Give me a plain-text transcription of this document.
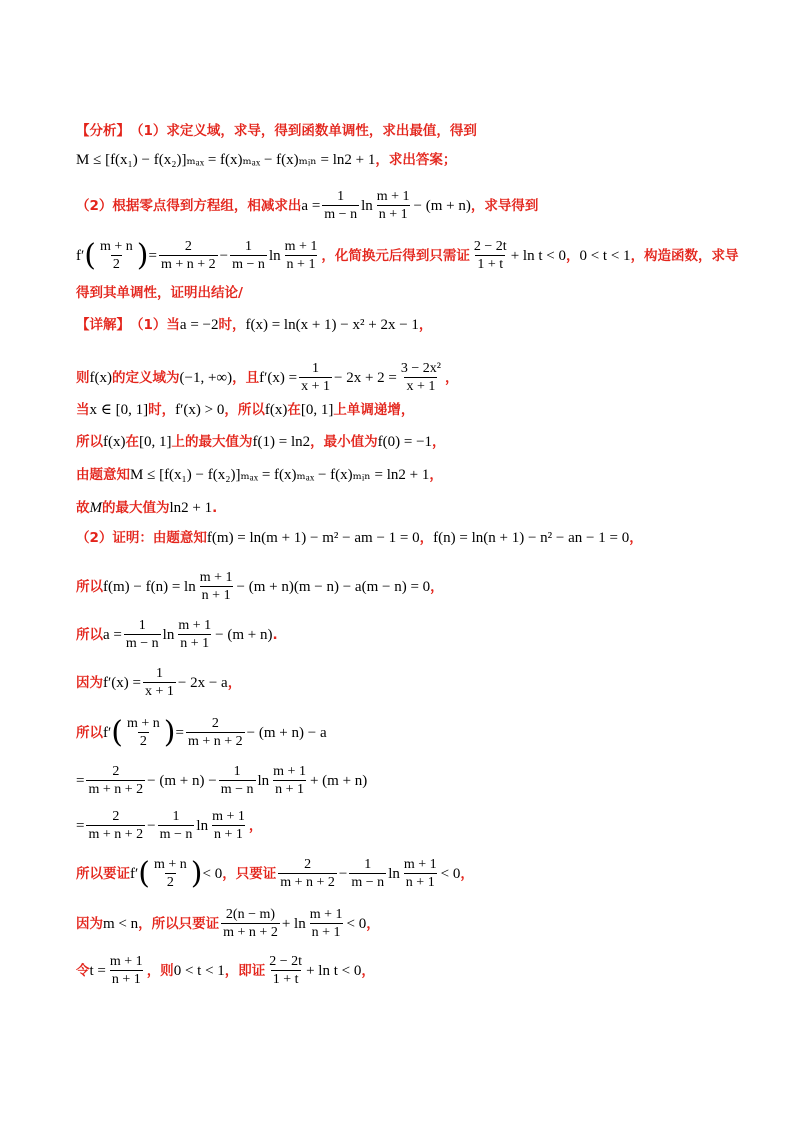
【分析】 （1） 求定义域，求导，得到函数单调性，求出最值，得到
M ≤ [f(x₁) − f(x₂)]ₘₐₓ = f(x)ₘₐₓ − f(x)ₘᵢₙ = ln2 + 1 ，求出答案；
（2） 根据零点得到方程组，相减求出 $a = \frac{1}{m - n}$ $\ln \frac{m + 1}{n + 1} - (m + n)$ ，求导得到
f′ ( $\frac{m + n}{2}$ ) = $\frac{2}{m + n + 2} - \frac{1}{m - n}$ $\ln \frac{m + 1}{n + 1}$ ，化简换元后得到只需证 $\frac{2 - 2t}{1 + t} + \ln t < 0$ ， 0 < t < 1 ，构造函数，求导
得到其单调性，证明出结论/
【详解】 （1） 当 a = −2 时， f(x) = ln(x + 1) − x² + 2x − 1 ，
则 f(x) 的定义域为 (−1, +∞) ，且 $f'(x) = \frac{1}{x + 1} - 2x + 2 = \frac{\text{3 − 2x²}}{x + 1}$ ，
当 x ∈ [0, 1] 时， f′(x) > 0 ，所以 f(x) 在 [0, 1] 上单调递增，
所以 f(x) 在 [0, 1] 上的最大值为 f(1) = ln2 ，最小值为 f(0) = −1 ，
由题意知 M ≤ [f(x₁) − f(x₂)]ₘₐₓ = f(x)ₘₐₓ − f(x)ₘᵢₙ = ln2 + 1 ，
故 M 的最大值为 ln2 + 1 .
（2） 证明：由题意知 f(m) = ln(m + 1) − m² − am − 1 = 0 ， f(n) = ln(n + 1) − n² − an − 1 = 0 ，
所以 $f(m) - f(n) = \ln \frac{m + 1}{n + 1} - (m + n)(m - n) - a(m - n) = 0$ ，
所以 $a = \frac{1}{m - n}$ $\ln \frac{m + 1}{n + 1} - (m + n)$ .
因为 $f'(x) = \frac{1}{x + 1} - 2x - a$ ，
所以 f′ ( $\frac{m + n}{2}$ ) = $\frac{2}{m + n + 2} - (m + n) - a$
= $\frac{2}{m + n + 2} - (m + n) - \frac{1}{m - n}$ $\ln \frac{m + 1}{n + 1} + (m + n)$
= $\frac{2}{m + n + 2} - \frac{1}{m - n}$ $\ln \frac{m + 1}{n + 1}$ ，
所以要证 f′ ( $\frac{m + n}{2}$ ) < 0 ，只要证 $\frac{2}{m + n + 2} - \frac{1}{m - n}$ $\ln \frac{m + 1}{n + 1} < 0$ ，
因为 m < n ，所以只要证 $\frac{2(n - m)}{m + n + 2} + \ln \frac{m + 1}{n + 1} < 0$ ，
令 $t = \frac{m + 1}{n + 1}$ ，则 0 < t < 1 ，即证 $\frac{2 - 2t}{1 + t} + \ln t < 0$ ，
